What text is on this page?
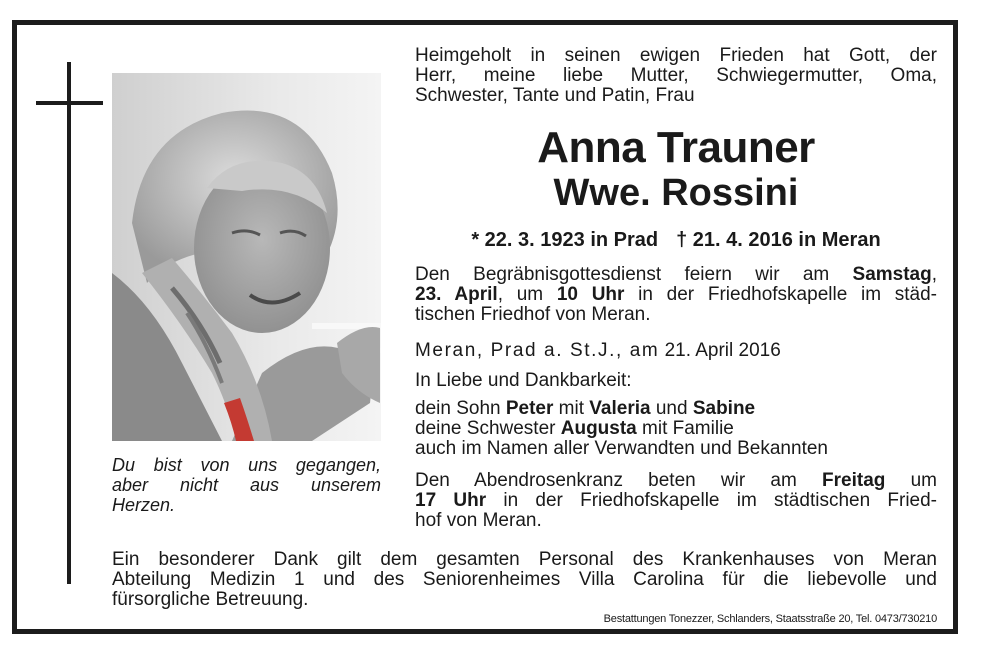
Du bist von uns gegangen,
aber nicht aus unserem
Herzen.
Heimgeholt in seinen ewigen Frieden hat Gott, der
Herr, meine liebe Mutter, Schwiegermutter, Oma,
Schwester, Tante und Patin, Frau
Anna Trauner
Wwe. Rossini
* 22. 3. 1923 in Prad † 21. 4. 2016 in Meran
Den Begräbnisgottesdienst feiern wir am Samstag,
23. April, um 10 Uhr in der Friedhofskapelle im städ-
tischen Friedhof von Meran.
Meran, Prad a. St.J., am 21. April 2016
In Liebe und Dankbarkeit:
dein Sohn Peter mit Valeria und Sabine
deine Schwester Augusta mit Familie
auch im Namen aller Verwandten und Bekannten
Den Abendrosenkranz beten wir am Freitag um
17 Uhr in der Friedhofskapelle im städtischen Fried-
hof von Meran.
Ein besonderer Dank gilt dem gesamten Personal des Krankenhauses von Meran
Abteilung Medizin 1 und des Seniorenheimes Villa Carolina für die liebevolle und
fürsorgliche Betreuung.
Bestattungen Tonezzer, Schlanders, Staatsstraße 20, Tel. 0473/730210
